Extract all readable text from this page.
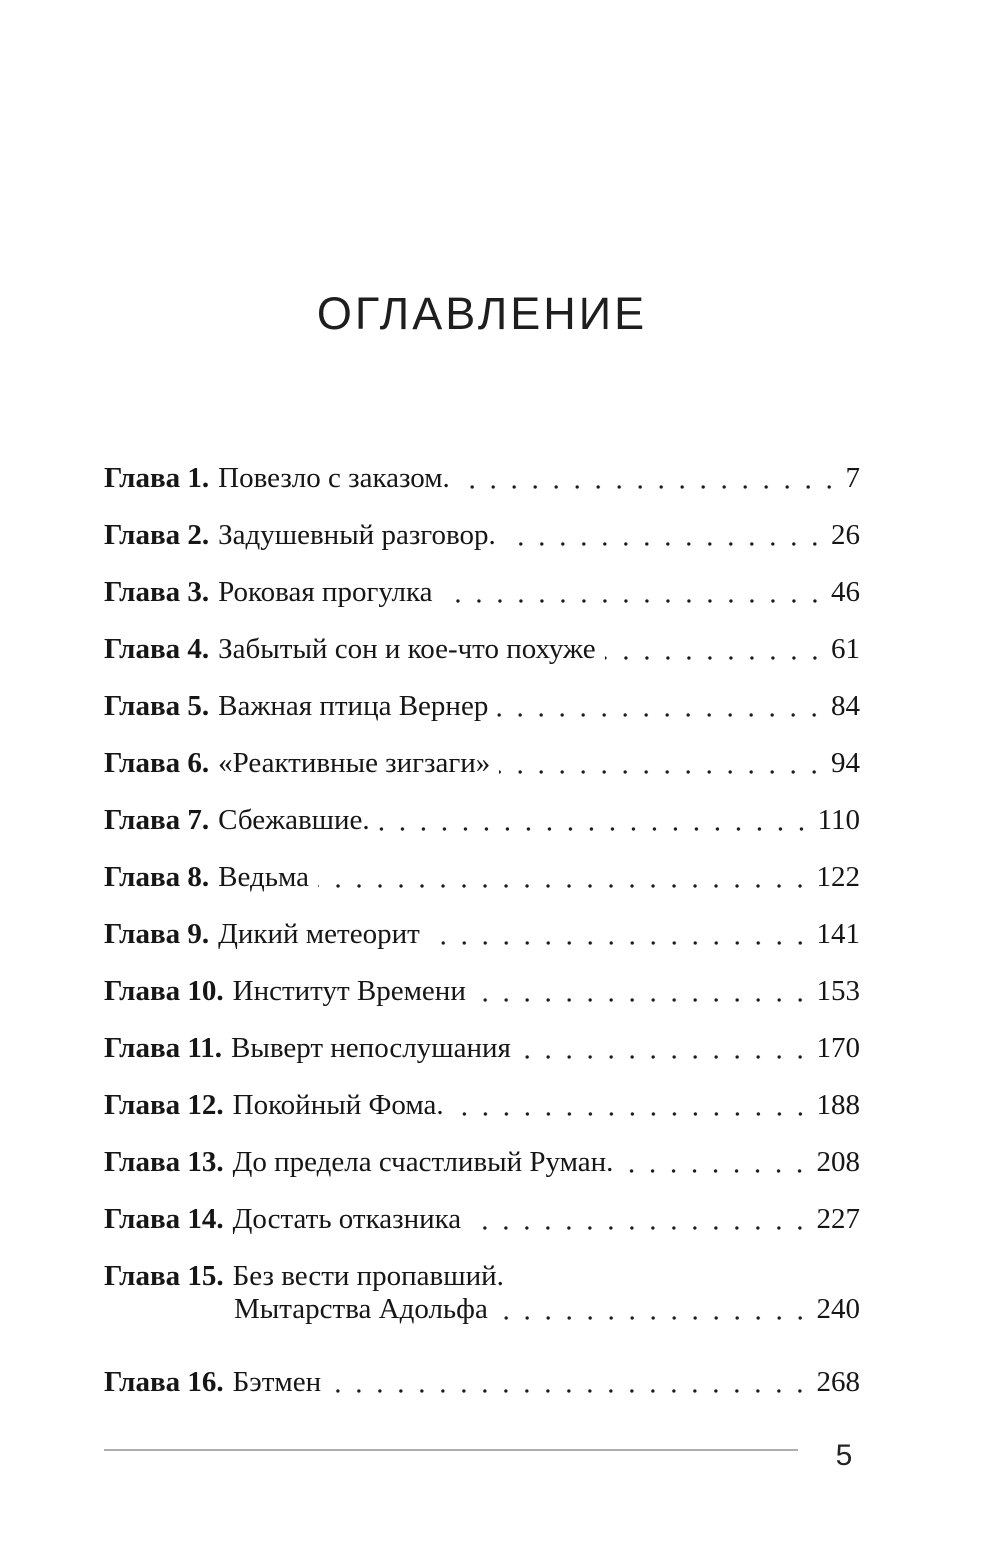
ОГЛАВЛЕНИЕ
Глава 1. Повезло с заказом.	7
Глава 2. Задушевный разговор.	26
Глава 3. Роковая прогулка	46
Глава 4. Забытый сон и кое-что похуже	61
Глава 5. Важная птица Вернер	84
Глава 6. «Реактивные зигзаги»	94
Глава 7. Сбежавшие.	110
Глава 8. Ведьма	122
Глава 9. Дикий метеорит	141
Глава 10. Институт Времени	153
Глава 11. Выверт непослушания	170
Глава 12. Покойный Фома.	188
Глава 13. До предела счастливый Руман.	208
Глава 14. Достать отказника	227
Глава 15. Без вести пропавший.
Мытарства Адольфа	240
Глава 16. Бэтмен	268
5
